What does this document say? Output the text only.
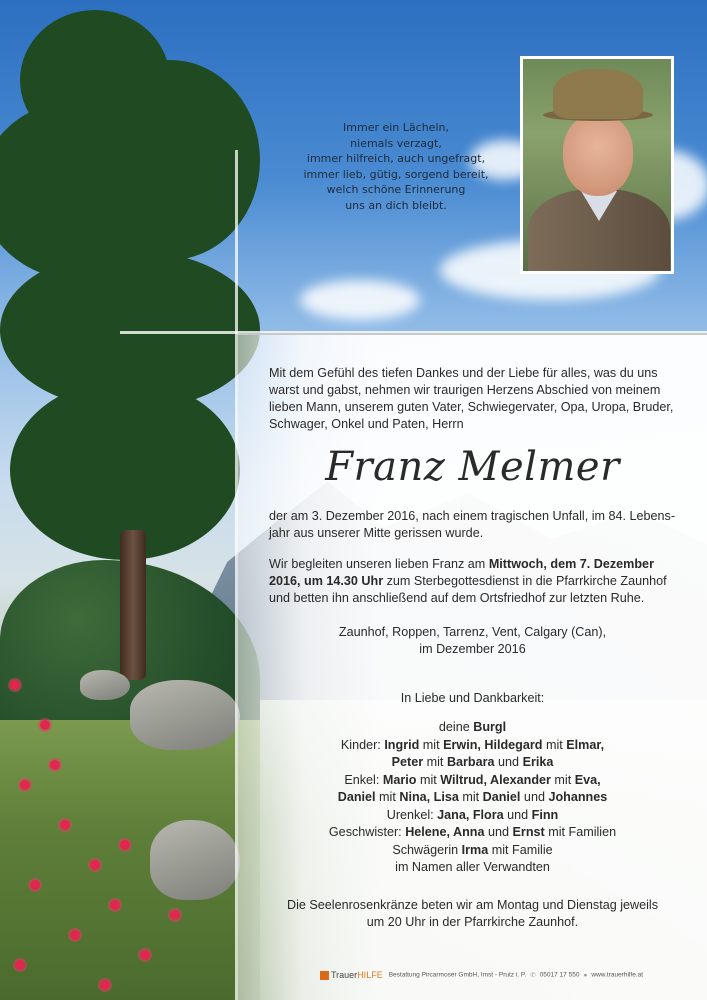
Immer ein Lächeln,
niemals verzagt,
immer hilfreich, auch ungefragt,
immer lieb, gütig, sorgend bereit,
welch schöne Erinnerung
uns an dich bleibt.
Mit dem Gefühl des tiefen Dankes und der Liebe für alles, was du uns
warst und gabst, nehmen wir traurigen Herzens Abschied von meinem
lieben Mann, unserem guten Vater, Schwiegervater, Opa, Uropa, Bruder,
Schwager, Onkel und Paten, Herrn
Franz Melmer
der am 3. Dezember 2016, nach einem tragischen Unfall, im 84. Lebens-
jahr aus unserer Mitte gerissen wurde.
Wir begleiten unseren lieben Franz am Mittwoch, dem 7. Dezember
2016, um 14.30 Uhr zum Sterbegottesdienst in die Pfarrkirche Zaunhof
und betten ihn anschließend auf dem Ortsfriedhof zur letzten Ruhe.
Zaunhof, Roppen, Tarrenz, Vent, Calgary (Can),
im Dezember 2016
In Liebe und Dankbarkeit:
deine Burgl
Kinder: Ingrid mit Erwin, Hildegard mit Elmar,
Peter mit Barbara und Erika
Enkel: Mario mit Wiltrud, Alexander mit Eva,
Daniel mit Nina, Lisa mit Daniel und Johannes
Urenkel: Jana, Flora und Finn
Geschwister: Helene, Anna und Ernst mit Familien
Schwägerin Irma mit Familie
im Namen aller Verwandten
Die Seelenrosenkränze beten wir am Montag und Dienstag jeweils
um 20 Uhr in der Pfarrkirche Zaunhof.
TrauerHILFE Bestattung Pircarmoser GmbH, Imst - Prutz i. P. ✆ 05017 17 550 ● www.trauerhilfe.at
